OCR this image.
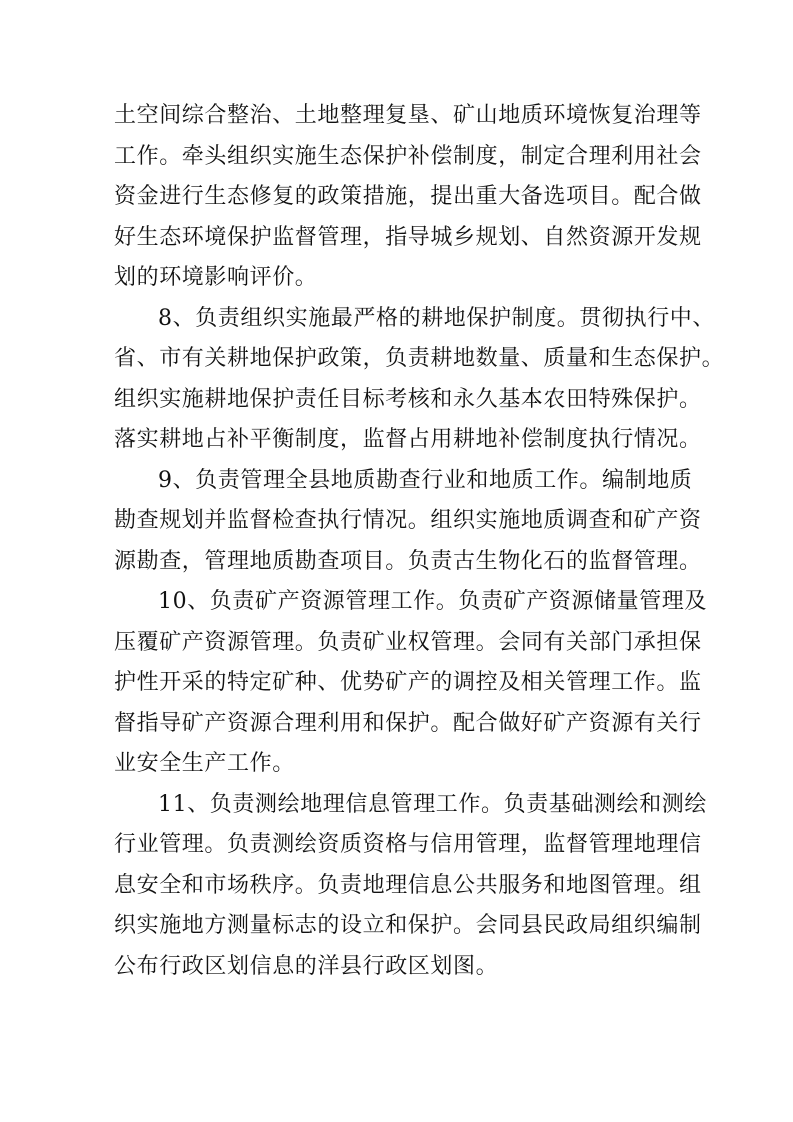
土空间综合整治、土地整理复垦、矿山地质环境恢复治理等
工作。牵头组织实施生态保护补偿制度，制定合理利用社会
资金进行生态修复的政策措施，提出重大备选项目。配合做
好生态环境保护监督管理，指导城乡规划、自然资源开发规
划的环境影响评价。

8、负责组织实施最严格的耕地保护制度。贯彻执行中、
省、市有关耕地保护政策，负责耕地数量、质量和生态保护。
组织实施耕地保护责任目标考核和永久基本农田特殊保护。
落实耕地占补平衡制度，监督占用耕地补偿制度执行情况。

9、负责管理全县地质勘查行业和地质工作。编制地质
勘查规划并监督检查执行情况。组织实施地质调查和矿产资
源勘查，管理地质勘查项目。负责古生物化石的监督管理。

10、负责矿产资源管理工作。负责矿产资源储量管理及
压覆矿产资源管理。负责矿业权管理。会同有关部门承担保
护性开采的特定矿种、优势矿产的调控及相关管理工作。监
督指导矿产资源合理利用和保护。配合做好矿产资源有关行
业安全生产工作。

11、负责测绘地理信息管理工作。负责基础测绘和测绘
行业管理。负责测绘资质资格与信用管理，监督管理地理信
息安全和市场秩序。负责地理信息公共服务和地图管理。组
织实施地方测量标志的设立和保护。会同县民政局组织编制
公布行政区划信息的洋县行政区划图。
